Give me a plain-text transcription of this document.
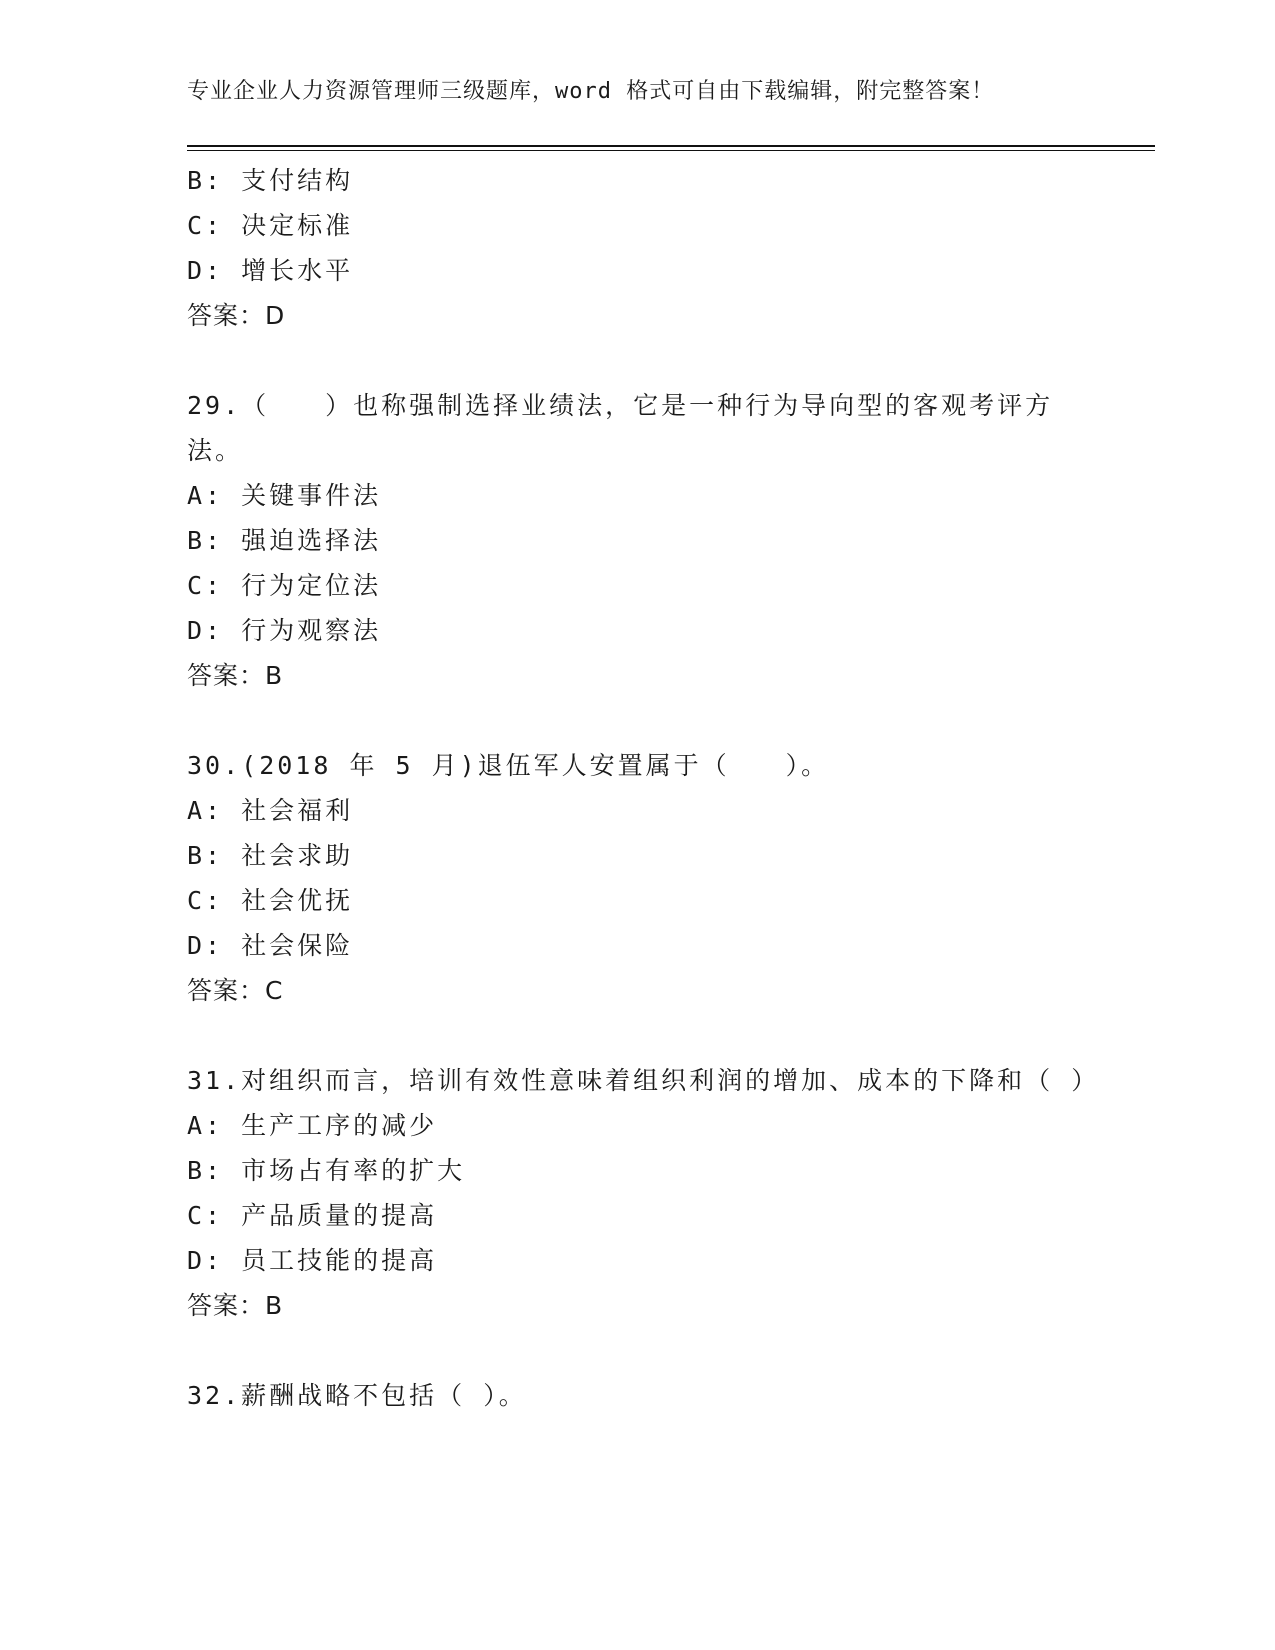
专业企业人力资源管理师三级题库，word 格式可自由下载编辑，附完整答案！
B: 支付结构
C: 决定标准
D: 增长水平
答案：D
29.（　　）也称强制选择业绩法，它是一种行为导向型的客观考评方法。
A: 关键事件法
B: 强迫选择法
C: 行为定位法
D: 行为观察法
答案：B
30.(2018 年 5 月)退伍军人安置属于（　　）。
A: 社会福利
B: 社会求助
C: 社会优抚
D: 社会保险
答案：C
31.对组织而言，培训有效性意味着组织利润的增加、成本的下降和（ ）
A: 生产工序的减少
B: 市场占有率的扩大
C: 产品质量的提高
D: 员工技能的提高
答案：B
32.薪酬战略不包括（ ）。
